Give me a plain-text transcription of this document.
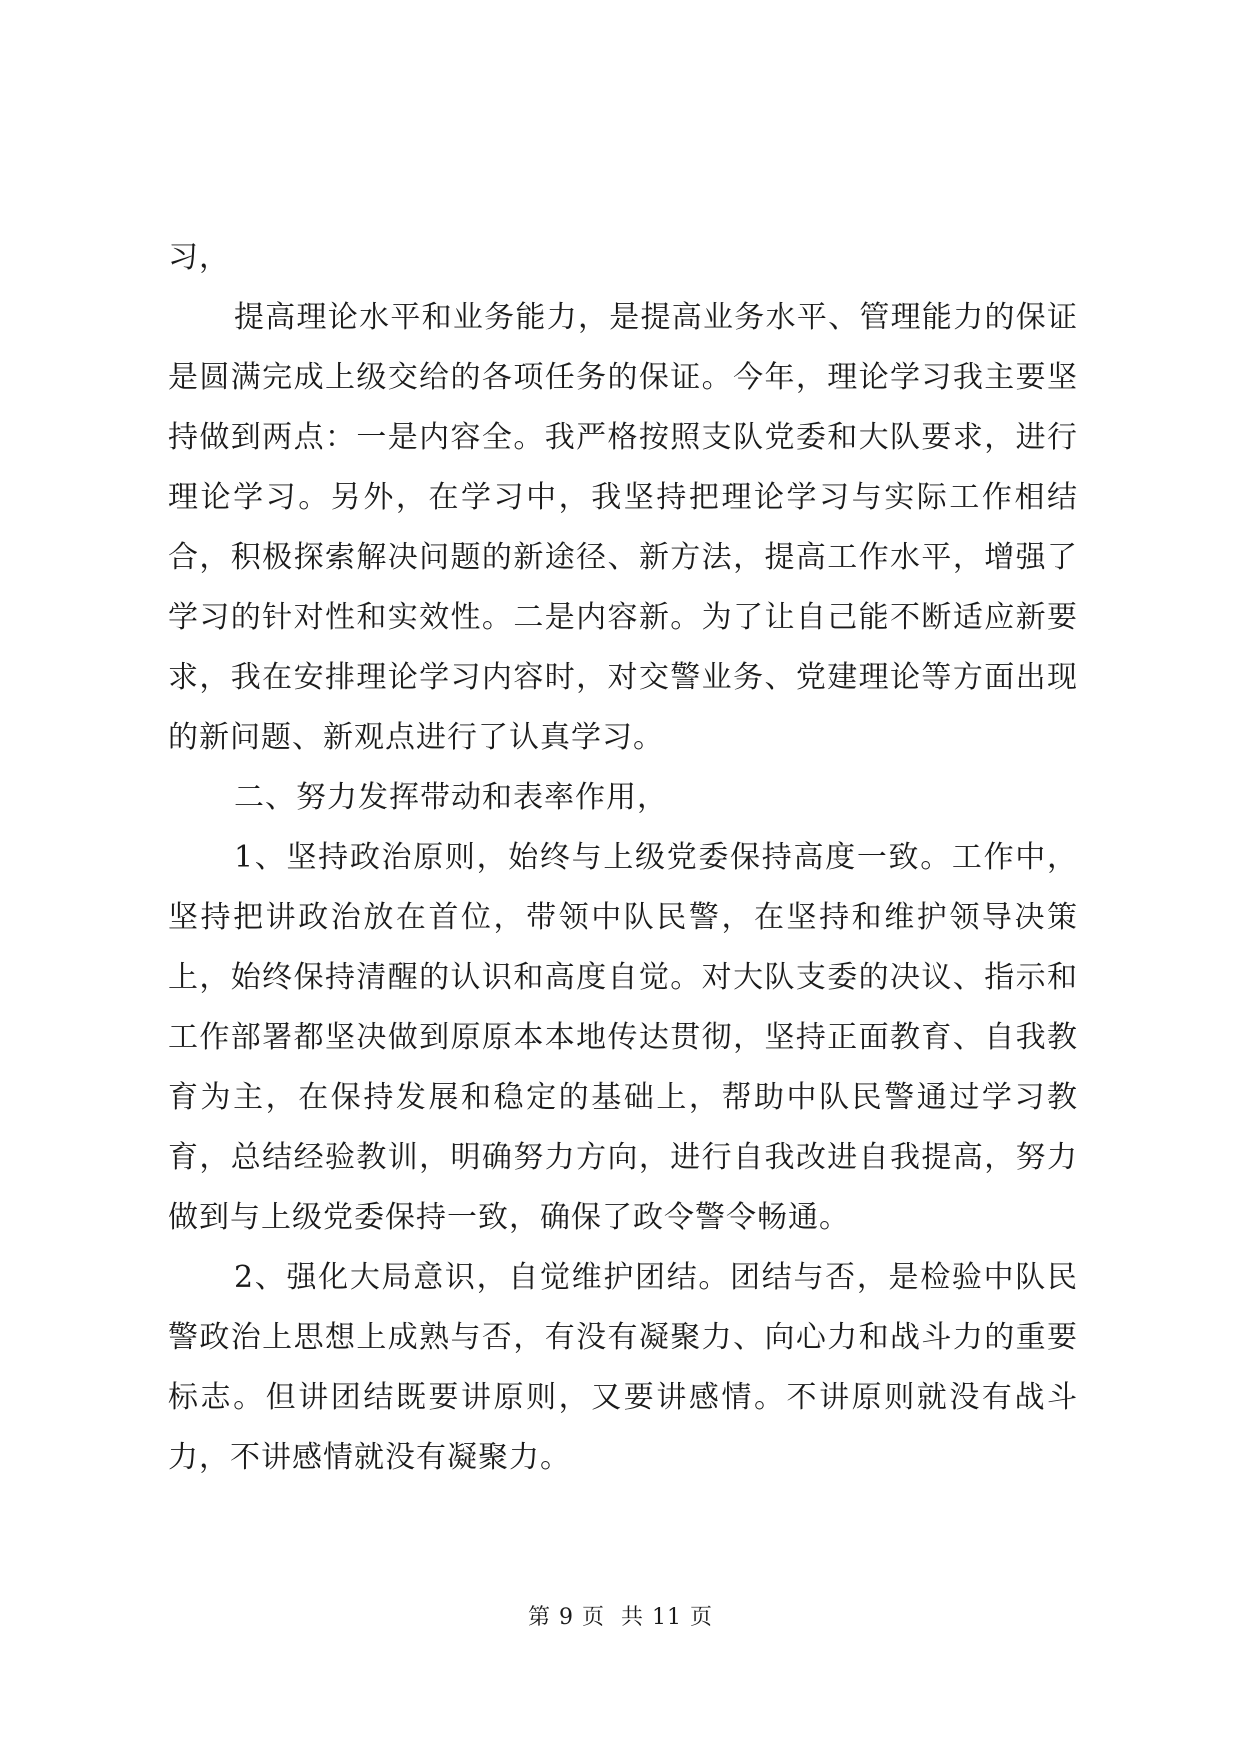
习，

提高理论水平和业务能力，是提高业务水平、管理能力的保证是圆满完成上级交给的各项任务的保证。今年，理论学习我主要坚持做到两点：一是内容全。我严格按照支队党委和大队要求，进行理论学习。另外，在学习中，我坚持把理论学习与实际工作相结合，积极探索解决问题的新途径、新方法，提高工作水平，增强了学习的针对性和实效性。二是内容新。为了让自己能不断适应新要求，我在安排理论学习内容时，对交警业务、党建理论等方面出现的新问题、新观点进行了认真学习。

二、努力发挥带动和表率作用，

1、坚持政治原则，始终与上级党委保持高度一致。工作中，坚持把讲政治放在首位，带领中队民警，在坚持和维护领导决策上，始终保持清醒的认识和高度自觉。对大队支委的决议、指示和工作部署都坚决做到原原本本地传达贯彻，坚持正面教育、自我教育为主，在保持发展和稳定的基础上，帮助中队民警通过学习教育，总结经验教训，明确努力方向，进行自我改进自我提高，努力做到与上级党委保持一致，确保了政令警令畅通。

2、强化大局意识，自觉维护团结。团结与否，是检验中队民警政治上思想上成熟与否，有没有凝聚力、向心力和战斗力的重要标志。但讲团结既要讲原则，又要讲感情。不讲原则就没有战斗力，不讲感情就没有凝聚力。

第 9 页  共 11 页
